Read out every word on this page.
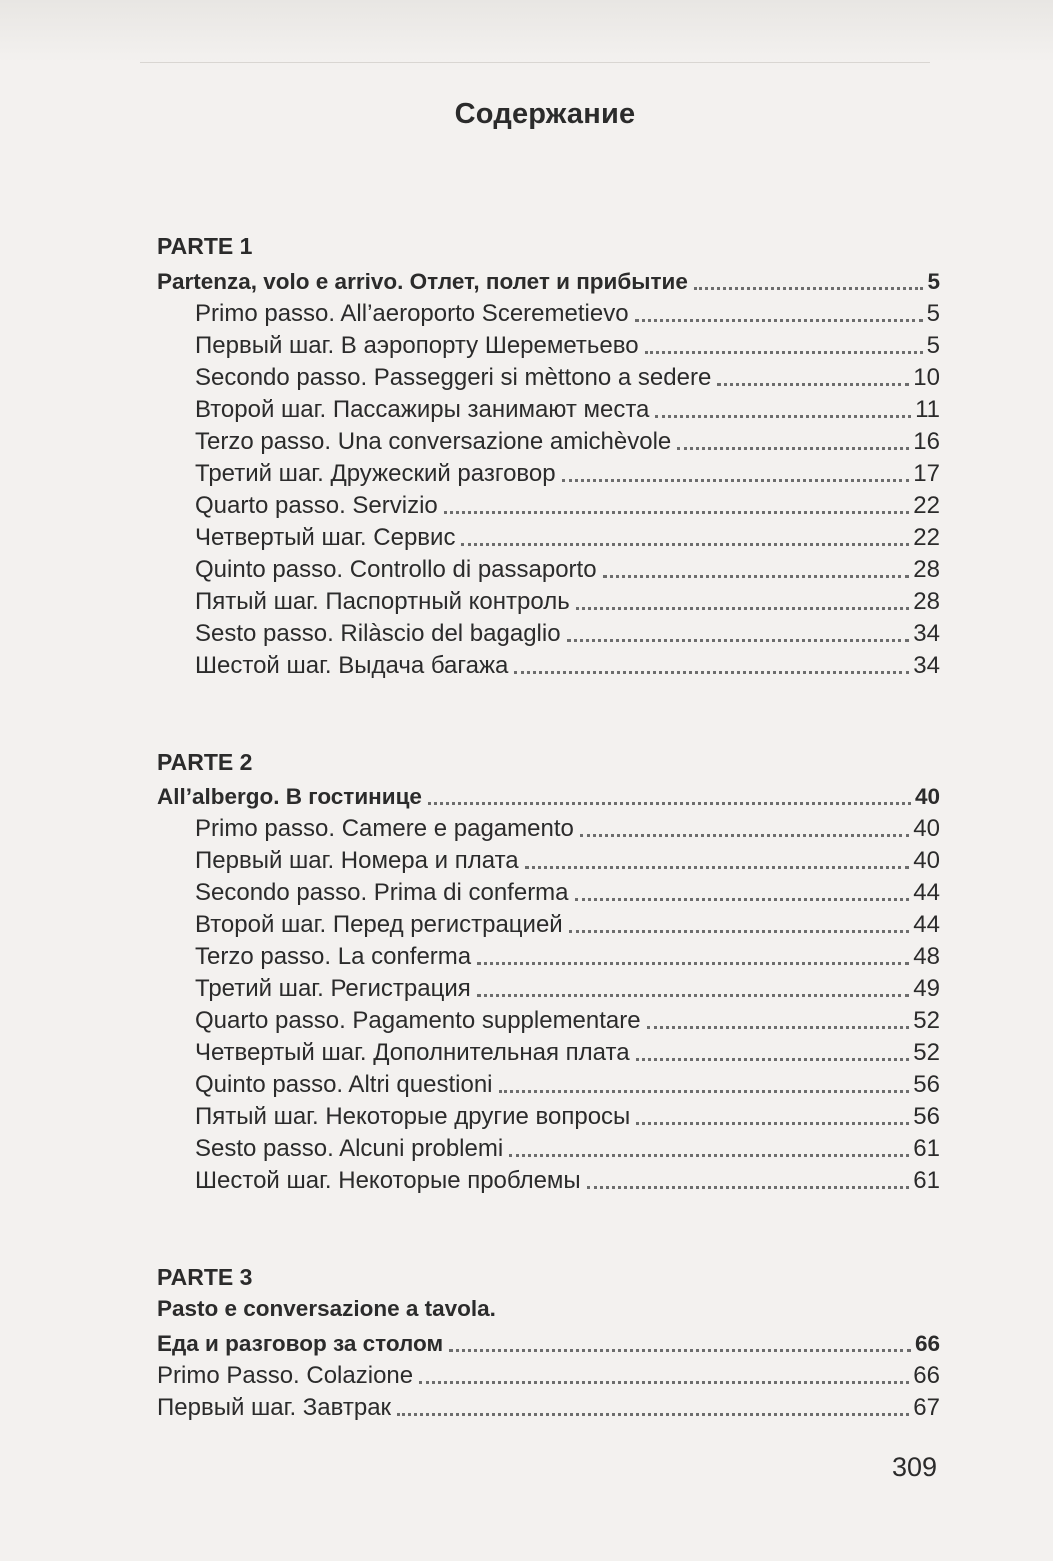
Содержание
PARTE 1
Partenza, volo e arrivo. Отлет, полет и прибытие	5
Primo passo. All’aeroporto Sceremetievo	5
Первый шаг. В аэропорту Шереметьево	5
Secondo passo. Passeggeri si mèttono a sedere	10
Второй шаг. Пассажиры занимают места	11
Terzo passo. Una conversazione amichèvole	16
Третий шаг. Дружеский разговор	17
Quarto passo. Servizio	22
Четвертый шаг. Сервис	22
Quinto passo. Controllo di passaporto	28
Пятый шаг. Паспортный контроль	28
Sesto passo. Rilàscio del bagaglio	34
Шестой шаг. Выдача багажа	34
PARTE 2
All’albergo. В гостинице	40
Primo passo. Camere e pagamento	40
Первый шаг. Номера и плата	40
Secondo passo. Prima di conferma	44
Второй шаг. Перед регистрацией	44
Terzo passo. La conferma	48
Третий шаг. Регистрация	49
Quarto passo. Pagamento supplementare	52
Четвертый шаг. Дополнительная плата	52
Quinto passo. Altri questioni	56
Пятый шаг. Некоторые другие вопросы	56
Sesto passo. Alcuni problemi	61
Шестой шаг. Некоторые проблемы	61
PARTE 3
Pasto e conversazione a tavola.
Еда и разговор за столом	66
Primo Passo. Colazione	66
Первый шаг. Завтрак	67
309
